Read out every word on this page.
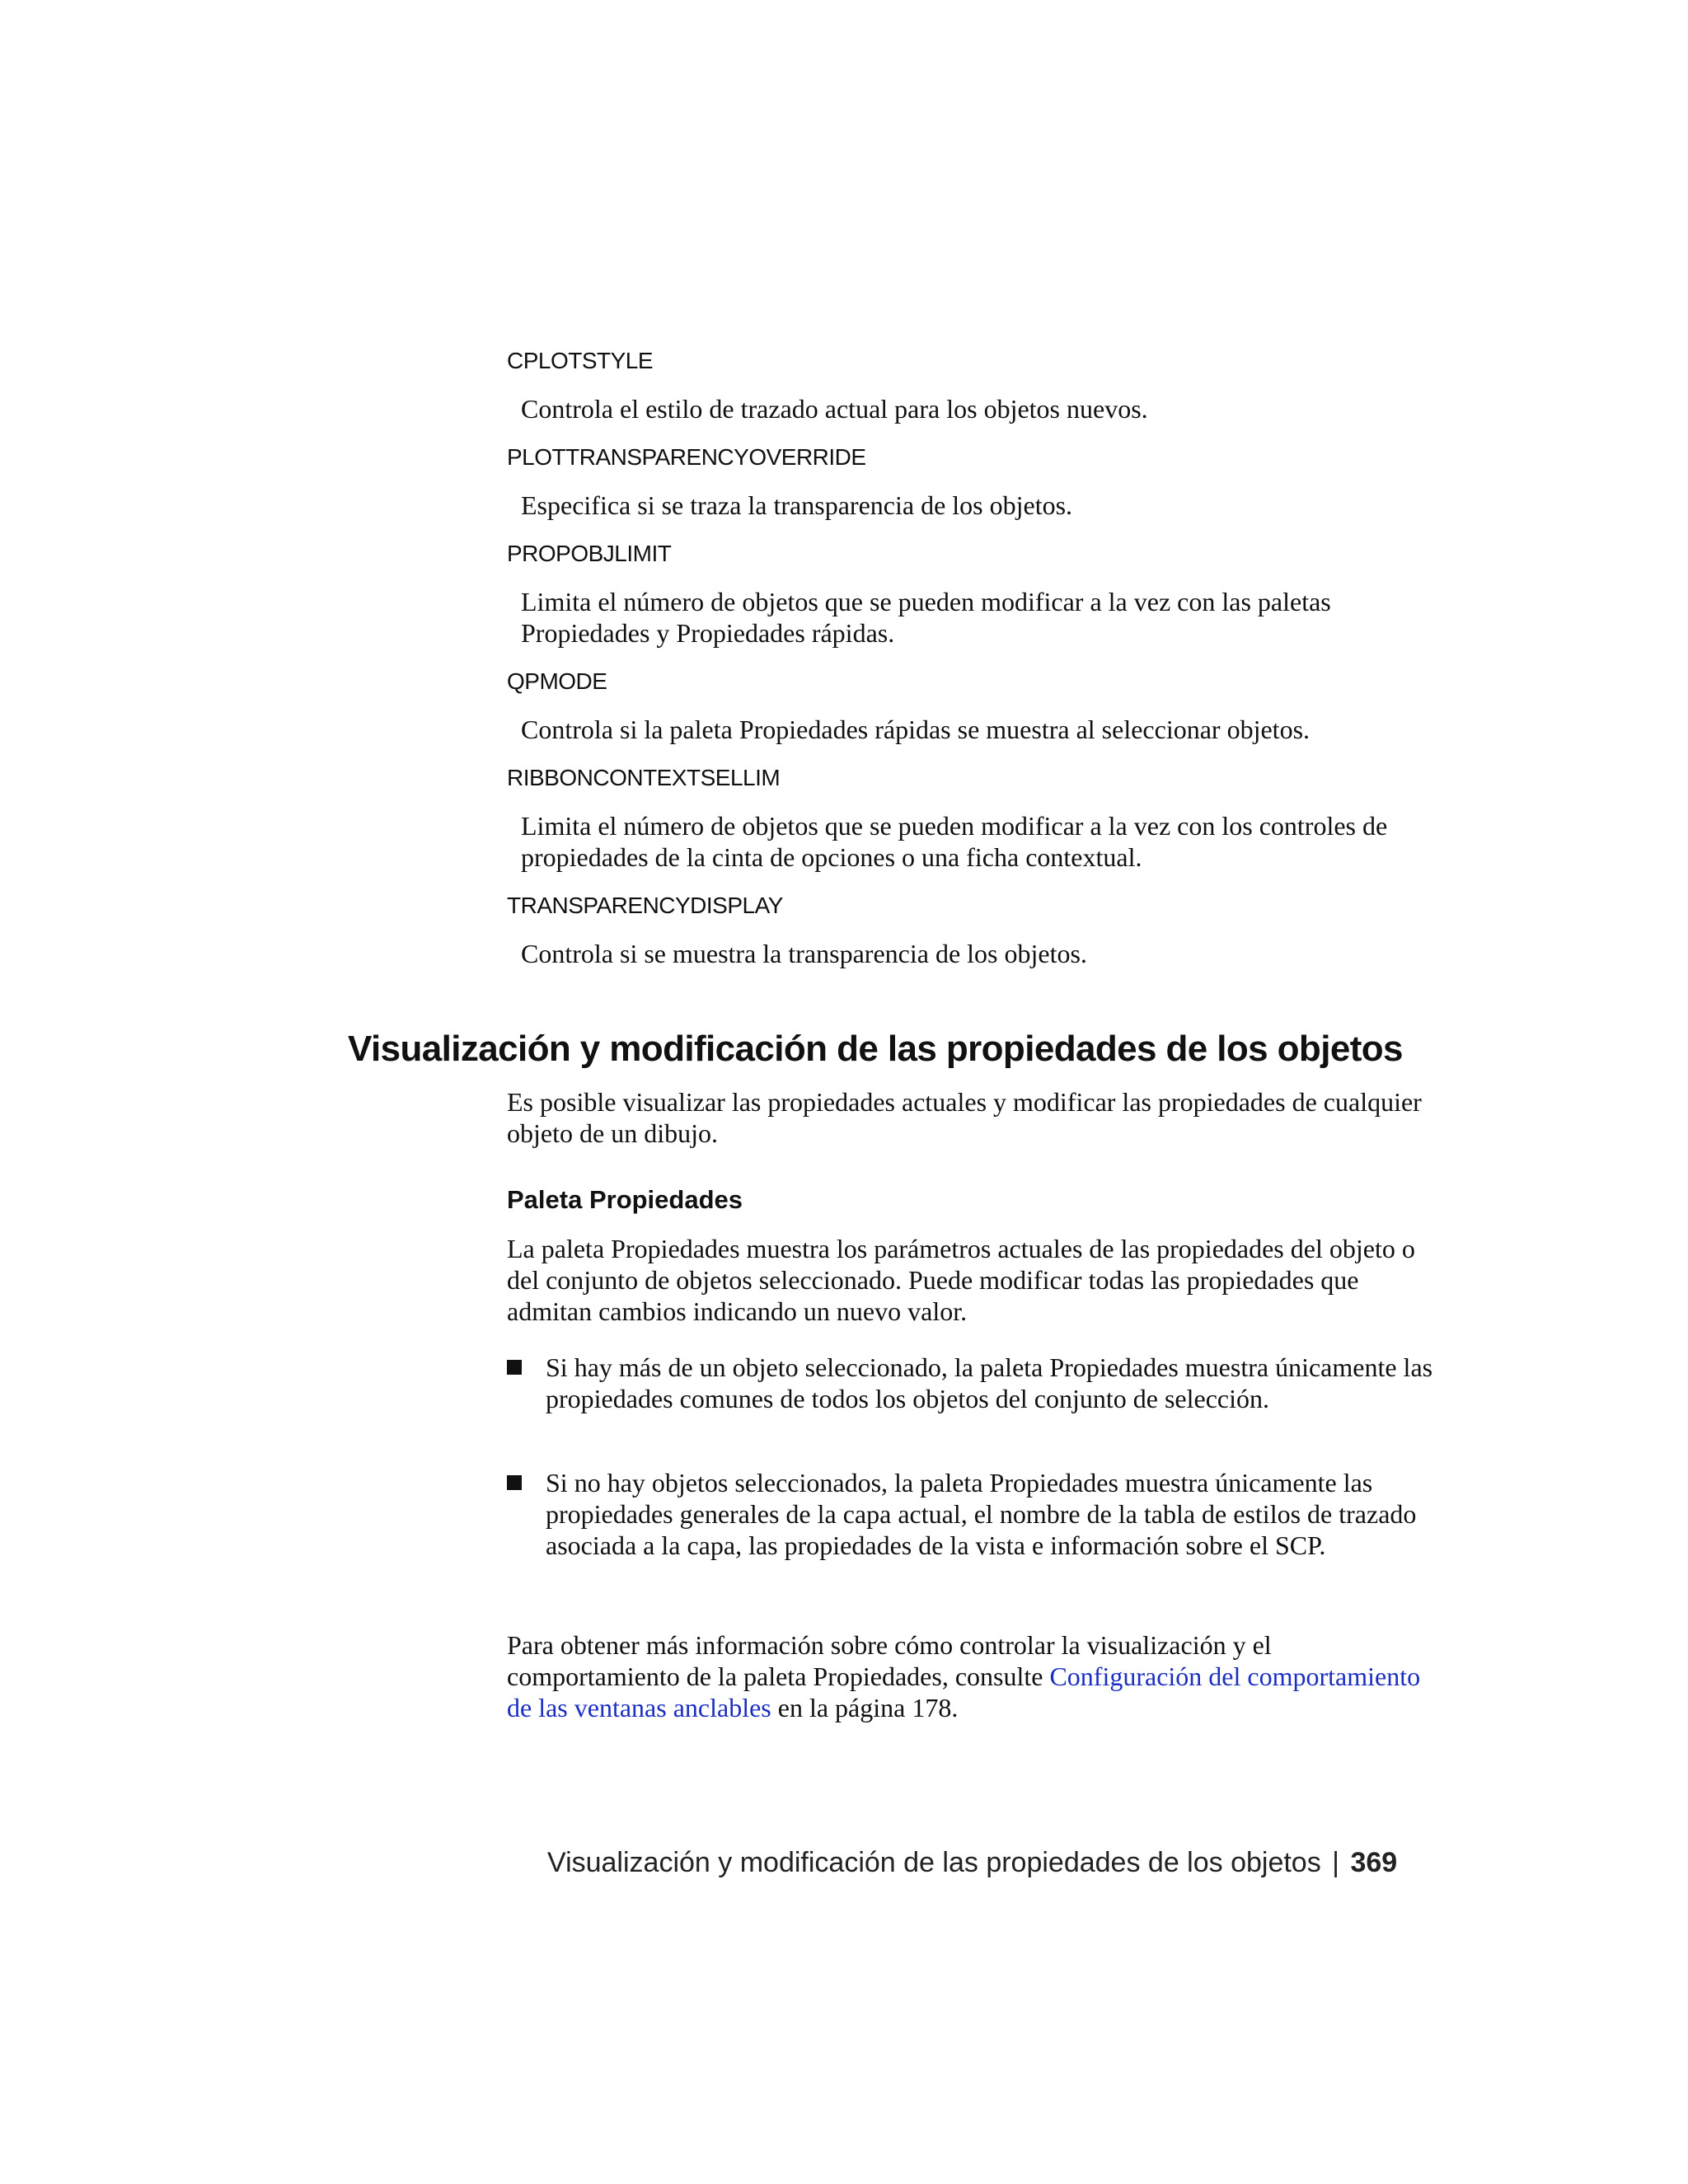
CPLOTSTYLE
Controla el estilo de trazado actual para los objetos nuevos.
PLOTTRANSPARENCYOVERRIDE
Especifica si se traza la transparencia de los objetos.
PROPOBJLIMIT
Limita el número de objetos que se pueden modificar a la vez con las paletas Propiedades y Propiedades rápidas.
QPMODE
Controla si la paleta Propiedades rápidas se muestra al seleccionar objetos.
RIBBONCONTEXTSELLIM
Limita el número de objetos que se pueden modificar a la vez con los controles de propiedades de la cinta de opciones o una ficha contextual.
TRANSPARENCYDISPLAY
Controla si se muestra la transparencia de los objetos.
Visualización y modificación de las propiedades de los objetos
Es posible visualizar las propiedades actuales y modificar las propiedades de cualquier objeto de un dibujo.
Paleta Propiedades
La paleta Propiedades muestra los parámetros actuales de las propiedades del objeto o del conjunto de objetos seleccionado. Puede modificar todas las propiedades que admitan cambios indicando un nuevo valor.
Si hay más de un objeto seleccionado, la paleta Propiedades muestra únicamente las propiedades comunes de todos los objetos del conjunto de selección.
Si no hay objetos seleccionados, la paleta Propiedades muestra únicamente las propiedades generales de la capa actual, el nombre de la tabla de estilos de trazado asociada a la capa, las propiedades de la vista e información sobre el SCP.
Para obtener más información sobre cómo controlar la visualización y el comportamiento de la paleta Propiedades, consulte Configuración del comportamiento de las ventanas anclables en la página 178.
Visualización y modificación de las propiedades de los objetos | 369
